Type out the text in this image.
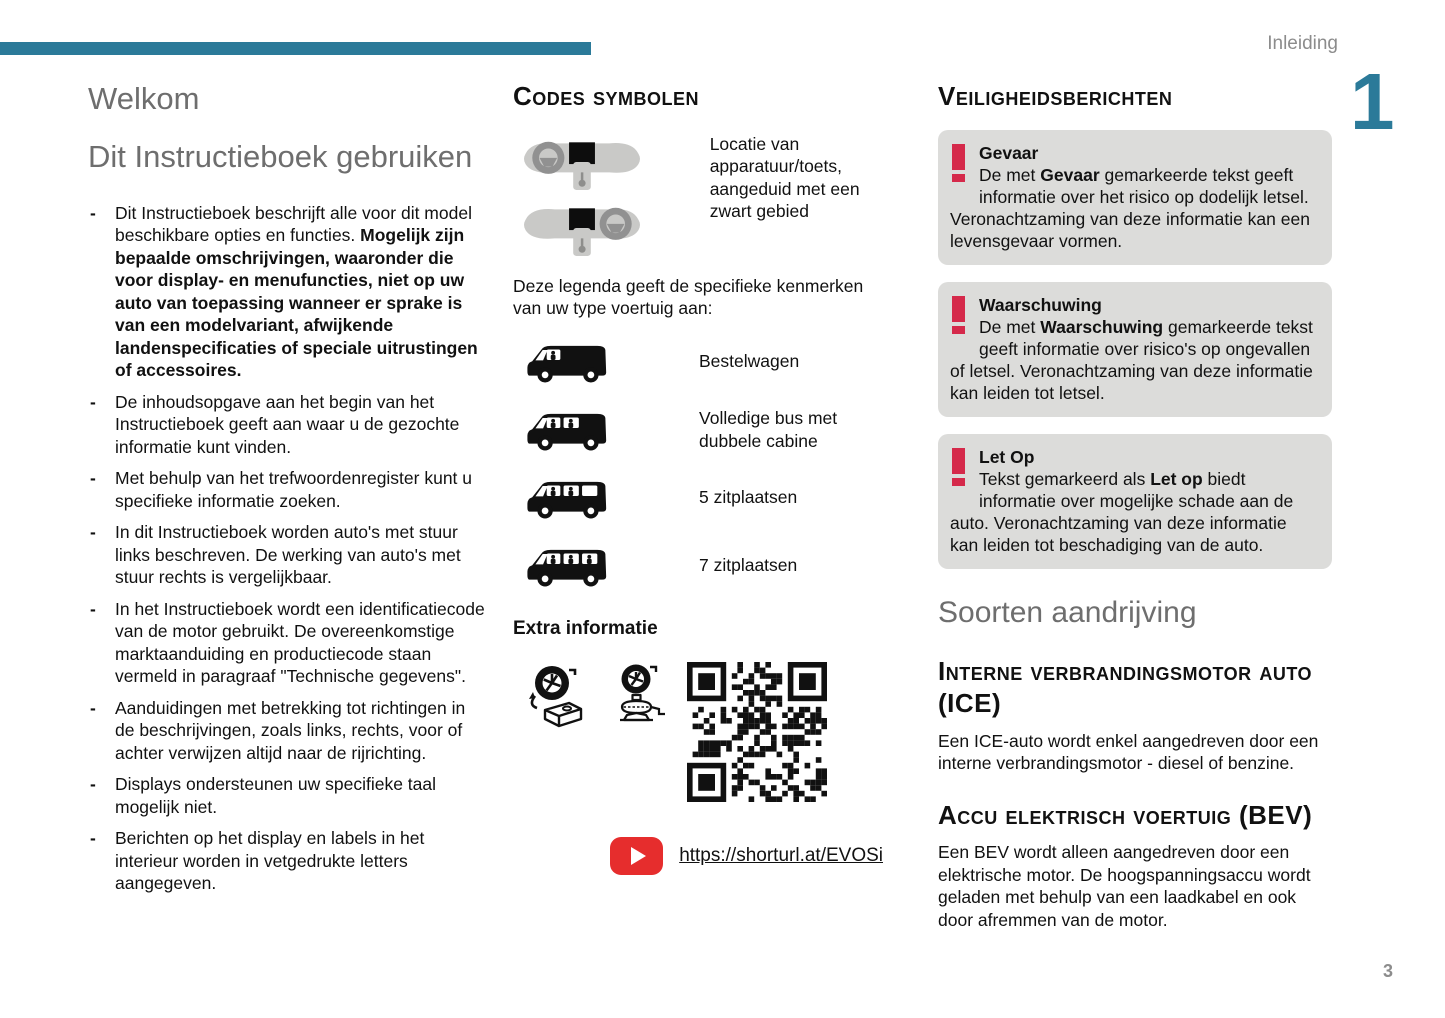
Inleiding
1
Welkom
Dit Instructieboek gebruiken
- Dit Instructieboek beschrijft alle voor dit model beschikbare opties en functies. Mogelijk zijn bepaalde omschrijvingen, waaronder die voor display- en menufuncties, niet op uw auto van toepassing wanneer er sprake is van een modelvariant, afwijkende landenspecificaties of speciale uitrustingen of accessoires.
- De inhoudsopgave aan het begin van het Instructieboek geeft aan waar u de gezochte informatie kunt vinden.
- Met behulp van het trefwoordenregister kunt u specifieke informatie zoeken.
- In dit Instructieboek worden auto's met stuur links beschreven. De werking van auto's met stuur rechts is vergelijkbaar.
- In het Instructieboek wordt een identificatiecode van de motor gebruikt. De overeenkomstige marktaanduiding en productiecode staan vermeld in paragraaf "Technische gegevens".
- Aanduidingen met betrekking tot richtingen in de beschrijvingen, zoals links, rechts, voor of achter verwijzen altijd naar de rijrichting.
- Displays ondersteunen uw specifieke taal mogelijk niet.
- Berichten op het display en labels in het interieur worden in vetgedrukte letters aangegeven.
Codes symbolen

Locatie van apparatuur/toets, aangeduid met een zwart gebied

Deze legenda geeft de specifieke kenmerken van uw type voertuig aan:

Bestelwagen
Volledige bus met dubbele cabine
5 zitplaatsen
7 zitplaatsen
Extra informatie
https://shorturl.at/EVOSi
Veiligheidsberichten
Gevaar
De met Gevaar gemarkeerde tekst geeft informatie over het risico op dodelijk letsel. Veronachtzaming van deze informatie kan een levensgevaar vormen.
Waarschuwing
De met Waarschuwing gemarkeerde tekst geeft informatie over risico's op ongevallen of letsel. Veronachtzaming van deze informatie kan leiden tot letsel.
Let Op
Tekst gemarkeerd als Let op biedt informatie over mogelijke schade aan de auto. Veronachtzaming van deze informatie kan leiden tot beschadiging van de auto.
Soorten aandrijving
Interne verbrandingsmotor auto (ICE)

Een ICE-auto wordt enkel aangedreven door een interne verbrandingsmotor - diesel of benzine.

Accu elektrisch voertuig (BEV)

Een BEV wordt alleen aangedreven door een elektrische motor. De hoogspanningsaccu wordt geladen met behulp van een laadkabel en ook door afremmen van de motor.

3
